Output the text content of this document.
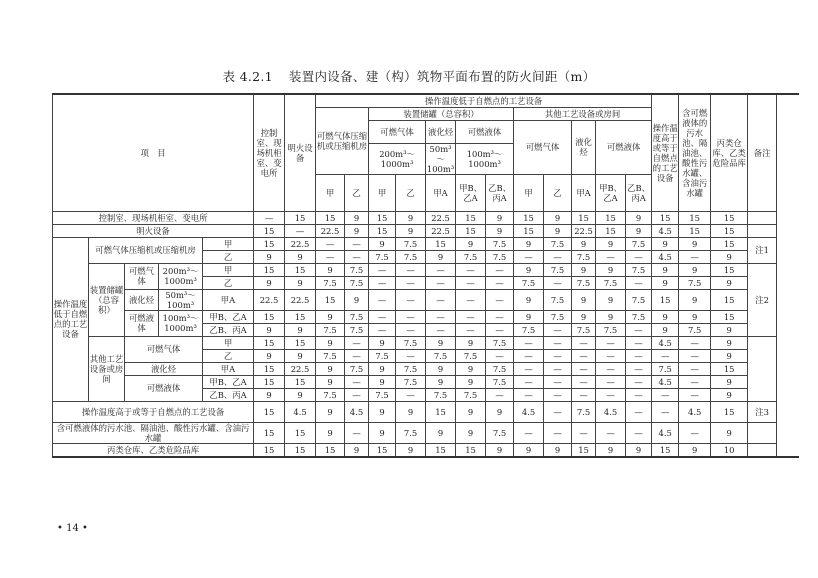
表 4.2.1 装置内设备、建（构）筑物平面布置的防火间距（m）
项　目					控制室、现场机柜室、变电所	明火设备	操作温度低于自燃点的工艺设备												操作温度高于或等于自燃点的工艺设备	含可燃液体的污水池、隔油池、酸性污水罐、含油污水罐	丙类仓库、乙类危险品库	备注
							可燃气体压缩机或压缩机房		装置储罐（总容积）					其他工艺设备或房间								
									可燃气体		液化烃	可燃液体		可燃气体		液化烃	可燃液体					
									200m³～1000m³		50m³～100m³	100m³～1000m³										
							甲	乙	甲	乙	甲A	甲B、乙A	乙B、丙A	甲	乙	甲A	甲B、乙A	乙B、丙A				
控制室、现场机柜室、变电所					—	15	15	9	15	9	22.5	15	9	15	9	15	15	9	15	15	15	
明火设备					15	—	22.5	9	15	9	22.5	15	9	15	9	22.5	15	9	4.5	15	15	
操作温度低于自燃点的工艺设备	可燃气体压缩机或压缩机房			甲	15	22.5	—	—	9	7.5	15	9	7.5	9	7.5	9	9	7.5	9	9	15	注1
				乙	9	9	—	—	7.5	7.5	9	7.5	7.5	—	—	7.5	—	—	4.5	—	9	
	装置储罐（总容积）	可燃气体	200m³～1000m³	甲	15	15	9	7.5	—	—	—	—	—	9	7.5	9	9	7.5	9	9	15	注2
				乙	9	9	7.5	7.5	—	—	—	—	—	7.5	—	7.5	7.5	—	9	7.5	9	
		液化烃	50m³～100m³	甲A	22.5	22.5	15	9	—	—	—	—	—	9	7.5	9	9	7.5	15	9	15	
		可燃液体	100m³～1000m³	甲B、乙A	15	15	9	7.5	—	—	—	—	—	9	7.5	9	9	7.5	9	9	15	
				乙B、丙A	9	9	7.5	7.5	—	—	—	—	—	7.5	—	7.5	7.5	—	9	7.5	9	
	其他工艺设备或房间	可燃气体		甲	15	15	9	—	9	7.5	9	9	7.5	—	—	—	—	—	4.5	—	9	
				乙	9	9	7.5	—	7.5	—	7.5	7.5	—	—	—	—	—	—	—	—	9	
		液化烃		甲A	15	22.5	9	7.5	9	7.5	9	9	7.5	—	—	—	—	—	7.5	—	15	
		可燃液体		甲B、乙A	15	15	9	—	9	7.5	9	9	7.5	—	—	—	—	—	4.5	—	9	
				乙B、丙A	9	9	7.5	—	7.5	—	7.5	7.5	—	—	—	—	—	—	—	—	9	
操作温度高于或等于自燃点的工艺设备					15	4.5	9	4.5	9	9	15	9	9	4.5	—	7.5	4.5	—	—	4.5	15	注3
含可燃液体的污水池、隔油池、酸性污水罐、含油污水罐					15	15	9	—	9	7.5	9	9	7.5	—	—	—	—	—	4.5	—	9	
丙类仓库、乙类危险品库					15	15	15	9	15	9	15	15	9	9	9	15	9	9	15	9	10	
• 14 •
